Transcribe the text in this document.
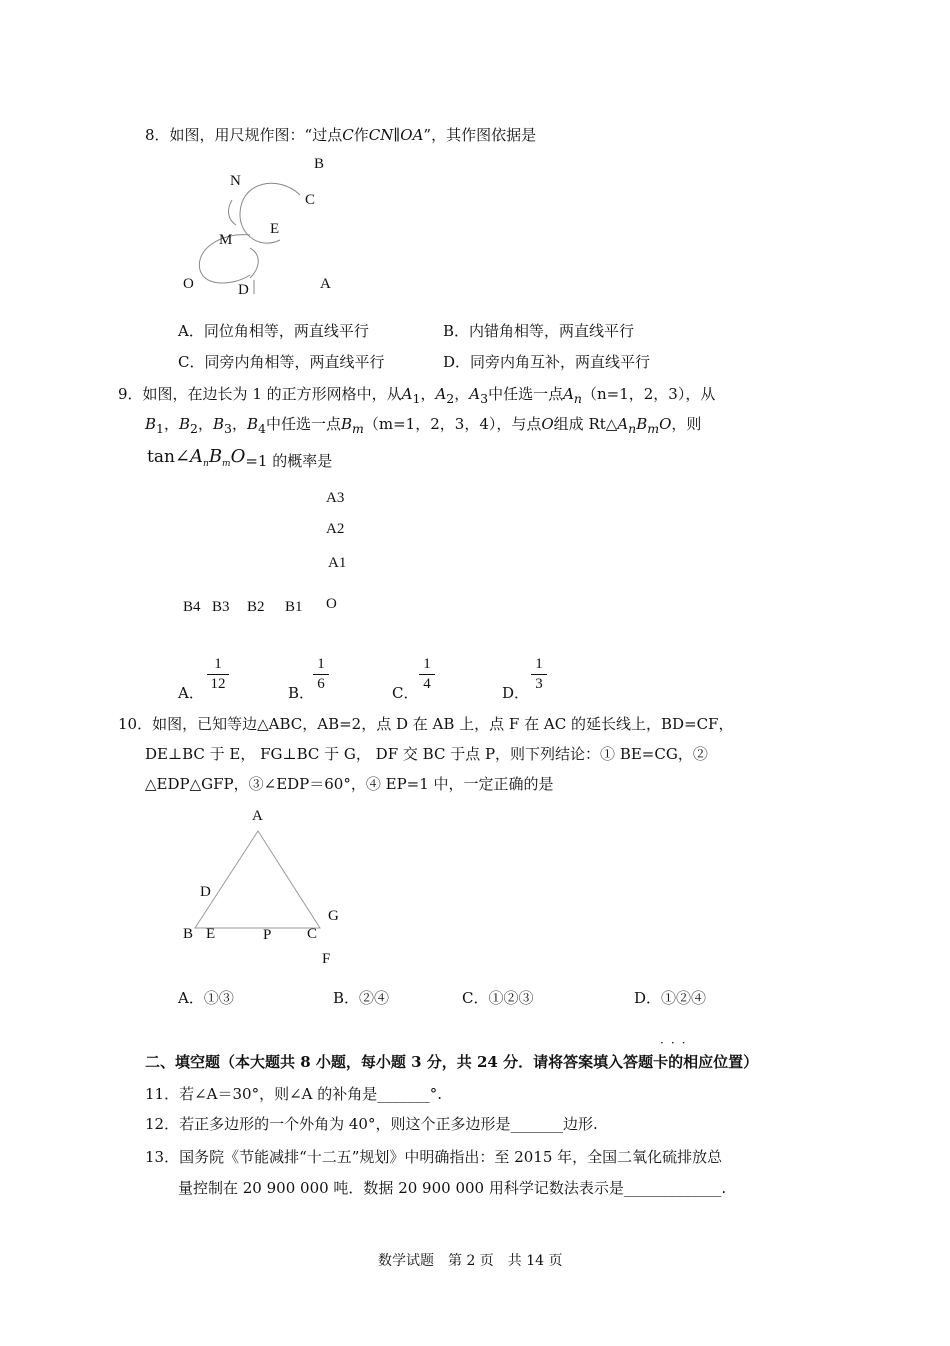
8．如图，用尺规作图：“过点C作CN∥OA”，其作图依据是
B
N
C
E
M
O	D	A
A．同位角相等，两直线平行	B．内错角相等，两直线平行
C．同旁内角相等，两直线平行	D．同旁内角互补，两直线平行
9．如图，在边长为 1 的正方形网格中，从$A_1$，$A_2$，$A_3$中任选一点$A_n(n=1$，2，3），从
$B_1$，$B_2$，$B_3$，$B_4$中任选一点$B_m(m=1$，2，3，4），与点O组成 $Rt\triangle A_nB_mO$，则
$\tan\angle A_nB_mO=1$ 的概率是
A3
A2
A1
O
B4 B3 B2 B1
A．
1
12	B．
1
6	C．
1
4	D．
1
3
10．如图，已知等边△ABC，AB=2，点 D 在 AB 上，点 F 在 AC 的延长线上，BD=CF，
DE⊥BC 于 E， FG⊥BC 于 G， DF 交 BC 于点 P，则下列结论：① BE=CG，②
△EDP△GFP，③∠EDP＝60°，④ EP=1 中，一定正确的是
A
D
G
B E	P C
F
A．①③	B．②④	C．①②③	D．①②④
···
二、填空题（本大题共 8 小题，每小题 3 分，共 24 分．请将答案填入答题卡的相应位置）
11．若∠A＝30°，则∠A 的补角是_______°.
12．若正多边形的一个外角为 40°，则这个正多边形是_______边形.
13．国务院《节能减排“十二五”规划》中明确指出：至 2015 年，全国二氧化硫排放总
量控制在 20 900 000 吨．数据 20 900 000 用科学记数法表示是_____________.
数学试题　第 2 页　共 14 页
